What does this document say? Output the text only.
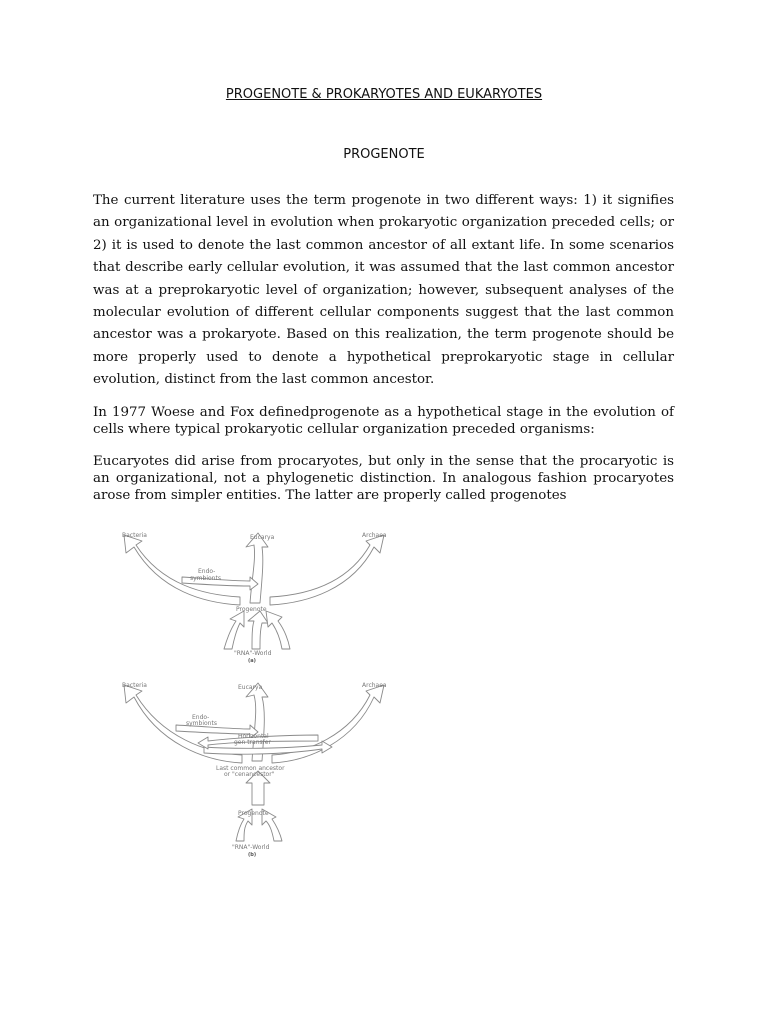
PROGENOTE & PROKARYOTES AND EUKARYOTES
PROGENOTE

The current literature uses the term progenote in two different ways: 1) it signifies an organizational level in evolution when prokaryotic organization preceded cells; or 2) it is used to denote the last common ancestor of all extant life. In some scenarios that describe early cellular evolution, it was assumed that the last common ancestor was at a preprokaryotic level of organization; however, subsequent analyses of the molecular evolution of different cellular components suggest that the last common ancestor was a prokaryote. Based on this realization, the term progenote should be more properly used to denote a hypothetical preprokaryotic stage in cellular evolution, distinct from the last common ancestor.

In 1977 Woese and Fox definedprogenote as a hypothetical stage in the evolution of cells where typical prokaryotic cellular organization preceded organisms:

Eucaryotes did arise from procaryotes, but only in the sense that the procaryotic is an organizational, not a phylogenetic distinction. In analogous fashion procaryotes arose from simpler entities. The latter are properly called progenotes

Bacteria	Eucarya	Archaea
Endo-
symbionts
Progenote
"RNA"-World
(a)
Bacteria	Eucarya	Archaea
Endo-
symbionts
Horizontal
gen transfer
Last common ancestor
or "cenancestor"
Progenote
"RNA"-World
(b)
